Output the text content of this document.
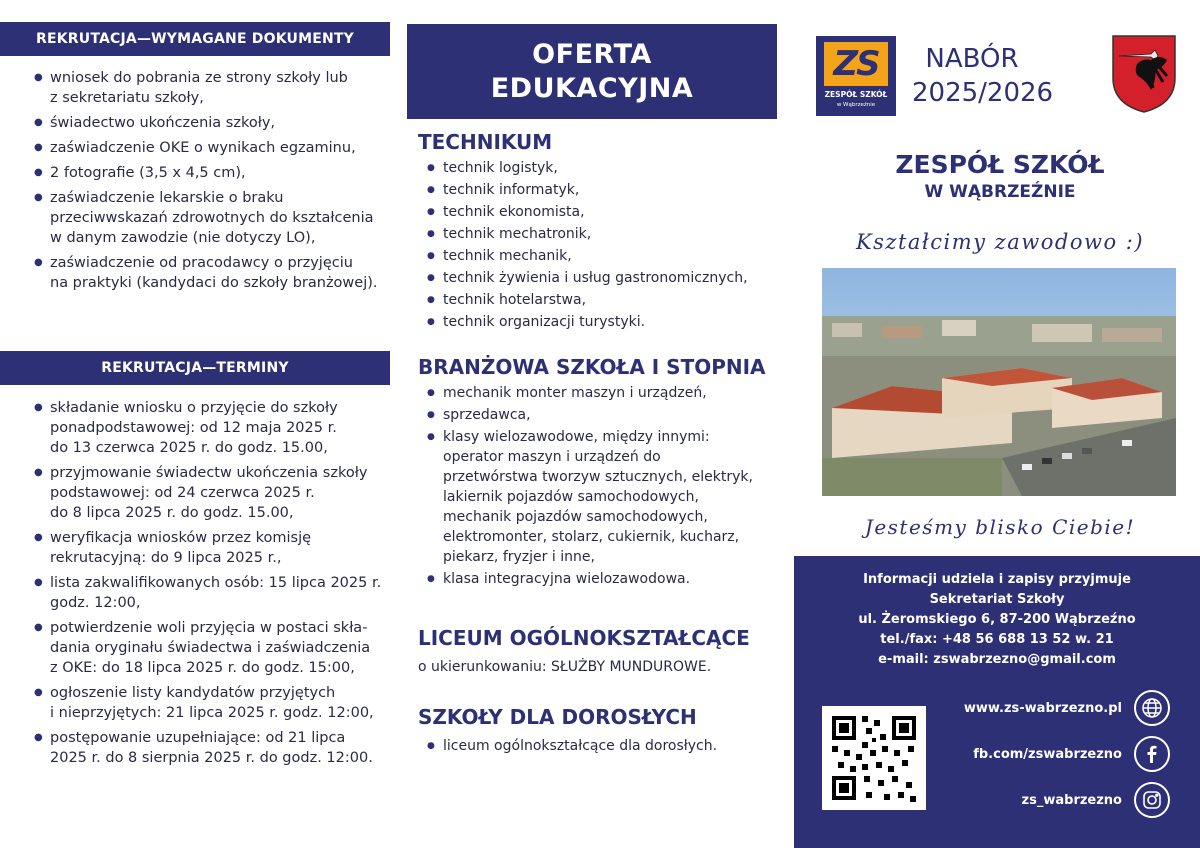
REKRUTACJA—WYMAGANE DOKUMENTY
● wniosek do pobrania ze strony szkoły lub
z sekretariatu szkoły,
● świadectwo ukończenia szkoły,
● zaświadczenie OKE o wynikach egzaminu,
● 2 fotografie (3,5 x 4,5 cm),
● zaświadczenie lekarskie o braku
przeciwwskazań zdrowotnych do kształcenia
w danym zawodzie (nie dotyczy LO),
● zaświadczenie od pracodawcy o przyjęciu
na praktyki (kandydaci do szkoły branżowej).
REKRUTACJA—TERMINY
● składanie wniosku o przyjęcie do szkoły
ponadpodstawowej: od 12 maja 2025 r.
do 13 czerwca 2025 r. do godz. 15.00,
● przyjmowanie świadectw ukończenia szkoły
podstawowej: od 24 czerwca 2025 r.
do 8 lipca 2025 r. do godz. 15.00,
● weryfikacja wniosków przez komisję
rekrutacyjną: do 9 lipca 2025 r.,
● lista zakwalifikowanych osób: 15 lipca 2025 r.
godz. 12:00,
● potwierdzenie woli przyjęcia w postaci skła-
dania oryginału świadectwa i zaświadczenia
z OKE: do 18 lipca 2025 r. do godz. 15:00,
● ogłoszenie listy kandydatów przyjętych
i nieprzyjętych: 21 lipca 2025 r. godz. 12:00,
● postępowanie uzupełniające: od 21 lipca
2025 r. do 8 sierpnia 2025 r. do godz. 12:00.
OFERTA
EDUKACYJNA
TECHNIKUM
● technik logistyk,
● technik informatyk,
● technik ekonomista,
● technik mechatronik,
● technik mechanik,
● technik żywienia i usług gastronomicznych,
● technik hotelarstwa,
● technik organizacji turystyki.
BRANŻOWA SZKOŁA I STOPNIA
● mechanik monter maszyn i urządzeń,
● sprzedawca,
● klasy wielozawodowe, między innymi:
operator maszyn i urządzeń do
przetwórstwa tworzyw sztucznych, elektryk,
lakiernik pojazdów samochodowych,
mechanik pojazdów samochodowych,
elektromonter, stolarz, cukiernik, kucharz,
piekarz, fryzjer i inne,
● klasa integracyjna wielozawodowa.
LICEUM OGÓLNOKSZTAŁCĄCE
o ukierunkowaniu: SŁUŻBY MUNDUROWE.
SZKOŁY DLA DOROSŁYCH
● liceum ogólnokształcące dla dorosłych.
ZS
ZESPÓŁ SZKÓŁ
w Wąbrzeźnie
NABÓR
2025/2026
ZESPÓŁ SZKÓŁ
W WĄBRZEŹNIE
Kształcimy zawodowo :)
Jesteśmy blisko Ciebie!
Informacji udziela i zapisy przyjmuje
Sekretariat Szkoły
ul. Żeromskiego 6, 87-200 Wąbrzeźno
tel./fax: +48 56 688 13 52 w. 21
e-mail: zswabrzezno@gmail.com
www.zs-wabrzezno.pl
fb.com/zswabrzezno
zs_wabrzezno
